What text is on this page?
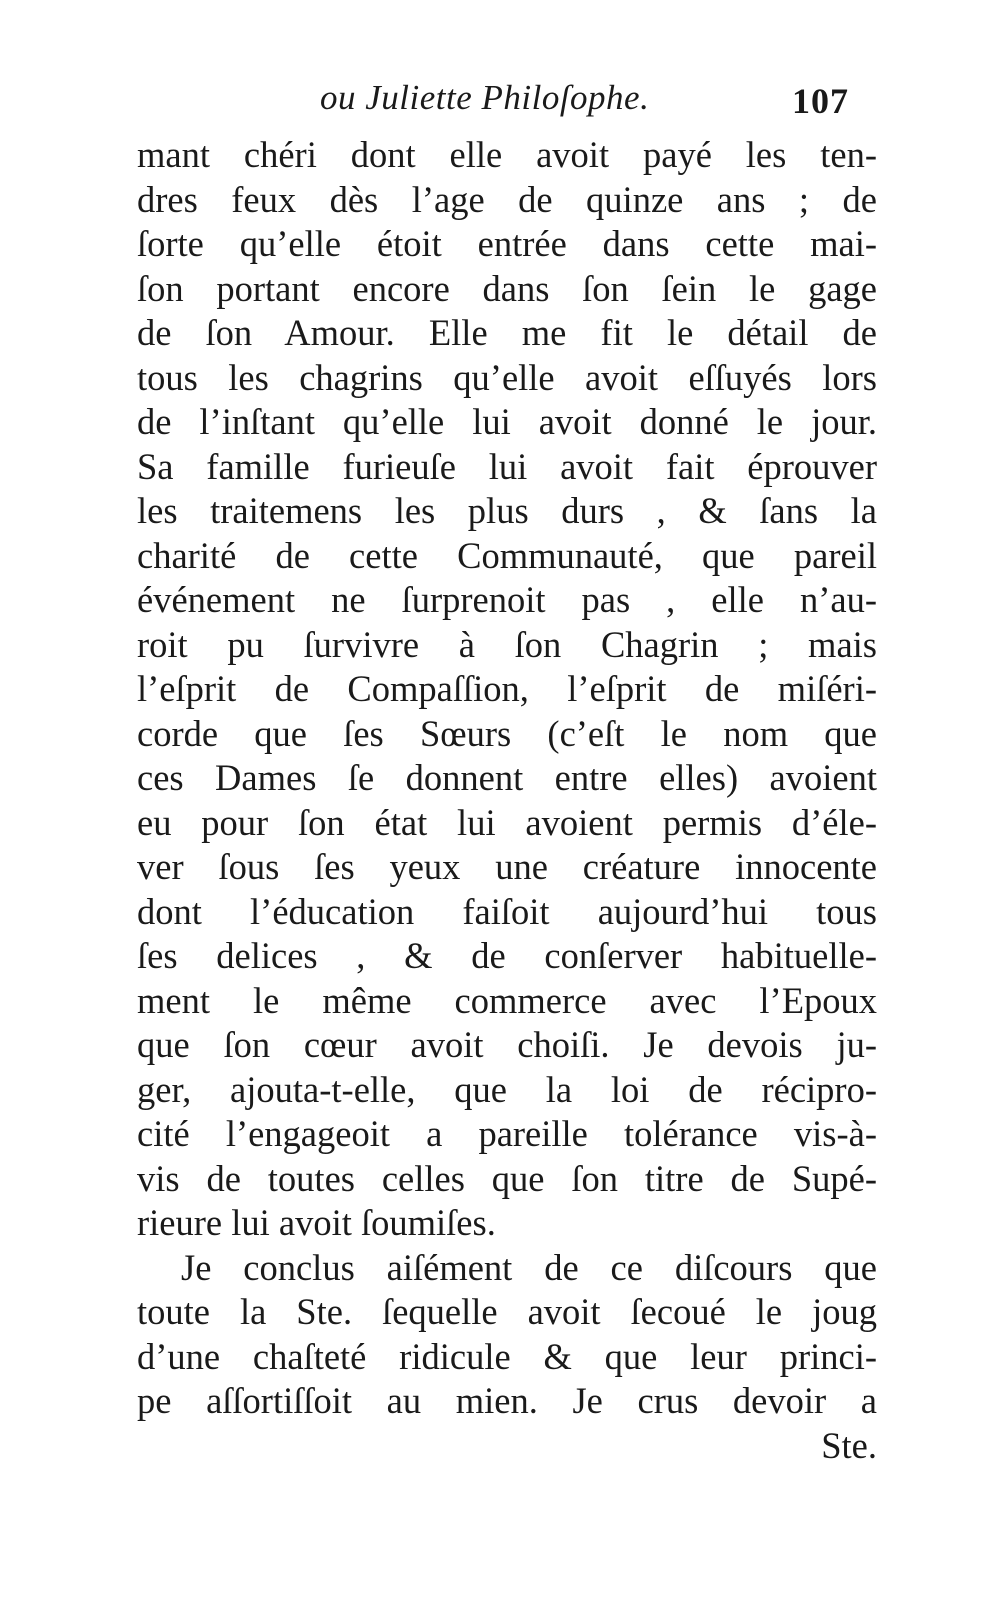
ou Juliette Philoſophe.	107
mant chéri dont elle avoit payé les ten-
dres feux dès l’age de quinze ans ; de
ſorte qu’elle étoit entrée dans cette mai-
ſon portant encore dans ſon ſein le gage
de ſon Amour. Elle me fit le détail de
tous les chagrins qu’elle avoit eſſuyés lors
de l’inſtant qu’elle lui avoit donné le jour.
Sa famille furieuſe lui avoit fait éprouver
les traitemens les plus durs , & ſans la
charité de cette Communauté, que pareil
événement ne ſurprenoit pas , elle n’au-
roit pu ſurvivre à ſon Chagrin ; mais
l’eſprit de Compaſſion, l’eſprit de miſéri-
corde que ſes Sœurs (c’eſt le nom que
ces Dames ſe donnent entre elles) avoient
eu pour ſon état lui avoient permis d’éle-
ver ſous ſes yeux une créature innocente
dont l’éducation faiſoit aujourd’hui tous
ſes delices , & de conſerver habituelle-
ment le même commerce avec l’Epoux
que ſon cœur avoit choiſi. Je devois ju-
ger, ajouta-t-elle, que la loi de récipro-
cité l’engageoit a pareille tolérance vis-à-
vis de toutes celles que ſon titre de Supé-
rieure lui avoit ſoumiſes.
Je conclus aiſément de ce diſcours que
toute la Ste. ſequelle avoit ſecoué le joug
d’une chaſteté ridicule & que leur princi-
pe aſſortiſſoit au mien. Je crus devoir a
Ste.
